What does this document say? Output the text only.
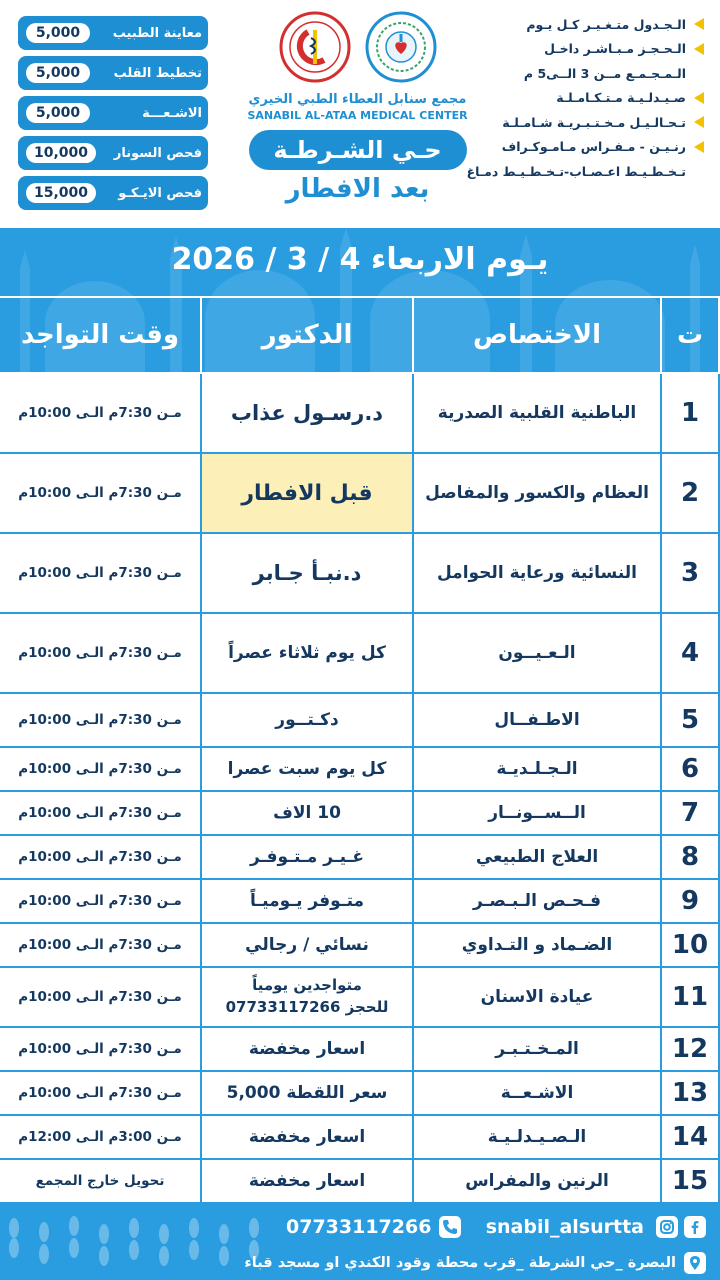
معاينة الطبيب
5,000
تخطيط القلب
5,000
الاشـعـــة
5,000
فحص السونار
10,000
فحص الايـكـو
15,000
مجمع سنابل العطاء الطبي الخيري
SANABIL AL-ATAA MEDICAL CENTER
حـي الشـرطـة
بعد الافطار
الـجـدول متـغـيـر كـل يـوم
الـحـجـز مـبـاشـر داخـل
الـمـجـمـع مــن 3 الــى5 م
صـيـدلـيـة مـتـكـامـلـة
تـحـالـيـل مـخـتـبـريـة شـامـلـة
رنـيـن - مـفـراس مـامـوكـراف
تـخـطـيـط اعـصـاب-تـخـطـيـط دمـاغ
يـوم الاربعاء 4 / 3 / 2026
ت
الاختصاص
الدكتور
وقت التواجد
1
الباطنية القلبية الصدرية
د.رسـول عذاب
مـن 7:30م الـى 10:00م
2
العظام والكسور والمفاصل
قبل الافطار
مـن 7:30م الـى 10:00م
3
النسائية ورعاية الحوامل
د.نبـأ جـابر
مـن 7:30م الـى 10:00م
4
الـعـيــون
كل يوم ثلاثاء عصراً
مـن 7:30م الـى 10:00م
5
الاطـفــال
دكـتــور
مـن 7:30م الـى 10:00م
6
الـجـلـديـة
كل يوم سبت عصرا
مـن 7:30م الـى 10:00م
7
الــســونــار
10 الاف
مـن 7:30م الـى 10:00م
8
العلاج الطبيعي
غـيـر مـتـوفـر
مـن 7:30م الـى 10:00م
9
فـحـص الـبـصـر
متـوفر يـوميـاً
مـن 7:30م الـى 10:00م
10
الضـماد و التـداوي
نسائي / رجالي
مـن 7:30م الـى 10:00م
11
عيادة الاسنان
متواجدين يومياً
للحجز 07733117266
مـن 7:30م الـى 10:00م
12
المـخـتـبـر
اسعار مخفضة
مـن 7:30م الـى 10:00م
13
الاشـعــة
سعر اللقطة 5,000
مـن 7:30م الـى 10:00م
14
الـصـيـدلـيـة
اسعار مخفضة
مـن 3:00م الـى 12:00م
15
الرنين والمفراس
اسعار مخفضة
تحويل خارج المجمع
07733117266	snabil_alsurtta
البصرة _حي الشرطة _قرب محطة وقود الكندي او مسجد قباء
